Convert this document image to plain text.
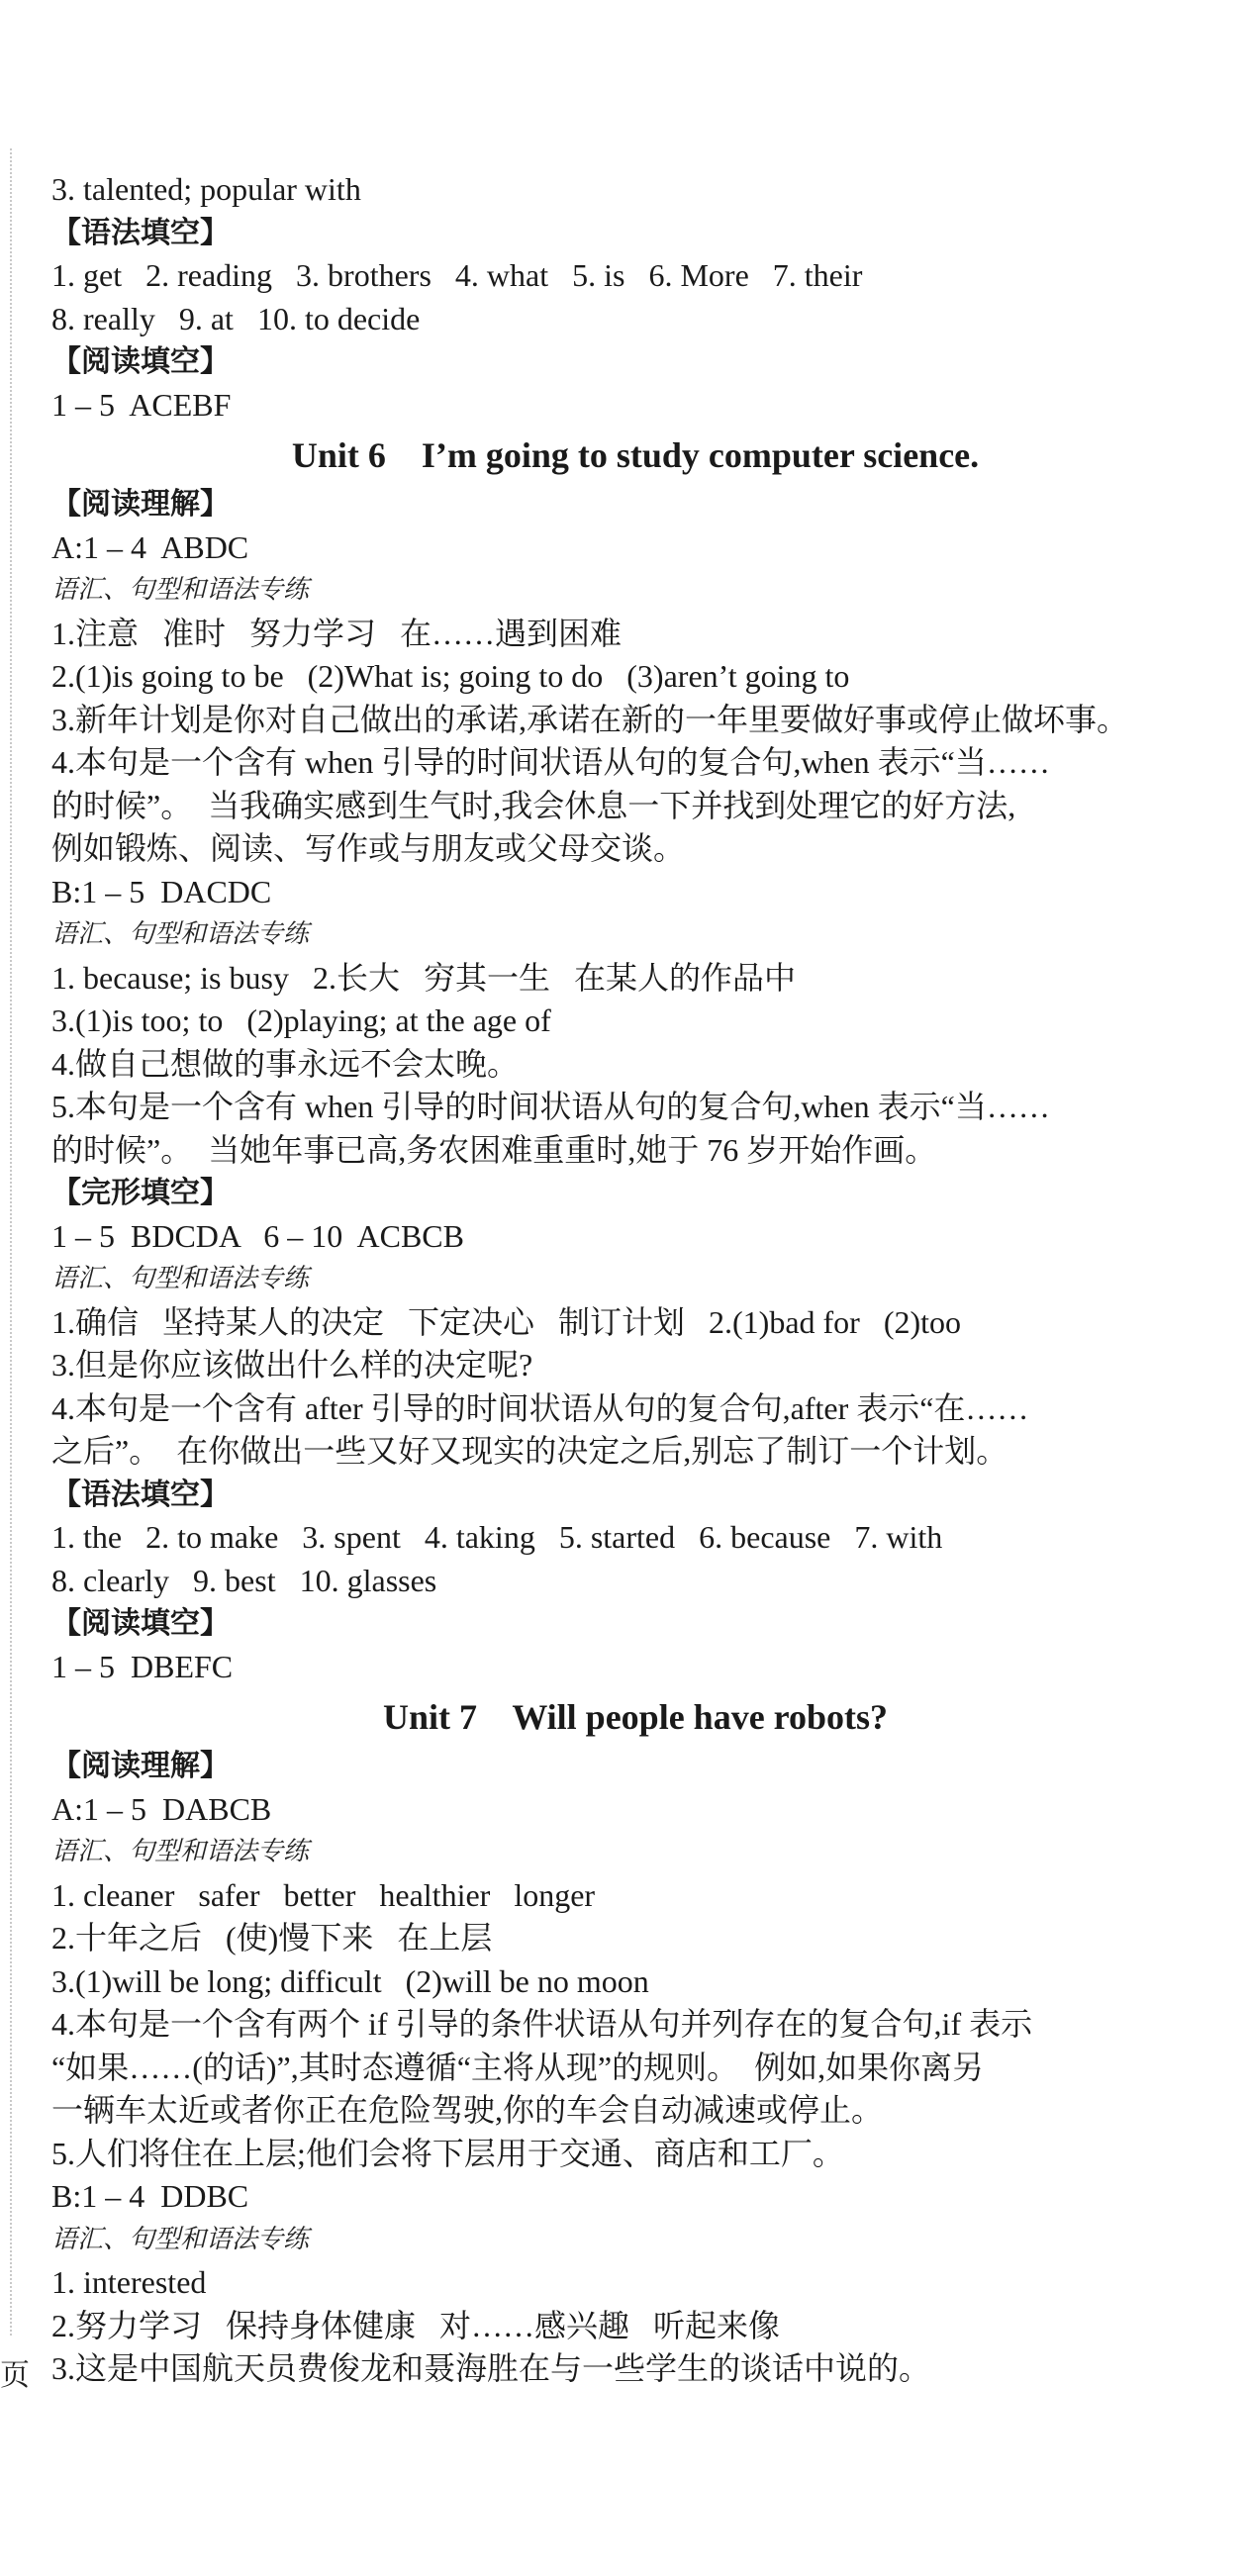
3. talented; popular with
【语法填空】
1. get   2. reading   3. brothers   4. what   5. is   6. More   7. their
8. really   9. at   10. to decide
【阅读填空】
1 – 5  ACEBF
Unit 6    I’m going to study computer science.
【阅读理解】
A:1 – 4  ABDC
语汇、句型和语法专练
1.注意   准时   努力学习   在……遇到困难
2.(1)is going to be   (2)What is; going to do   (3)aren’t going to
3.新年计划是你对自己做出的承诺,承诺在新的一年里要做好事或停止做坏事。
4.本句是一个含有 when 引导的时间状语从句的复合句,when 表示“当……
的时候”。  当我确实感到生气时,我会休息一下并找到处理它的好方法,
例如锻炼、阅读、写作或与朋友或父母交谈。
B:1 – 5  DACDC
语汇、句型和语法专练
1. because; is busy   2.长大   穷其一生   在某人的作品中
3.(1)is too; to   (2)playing; at the age of
4.做自己想做的事永远不会太晚。
5.本句是一个含有 when 引导的时间状语从句的复合句,when 表示“当……
的时候”。  当她年事已高,务农困难重重时,她于 76 岁开始作画。
【完形填空】
1 – 5  BDCDA   6 – 10  ACBCB
语汇、句型和语法专练
1.确信   坚持某人的决定   下定决心   制订计划   2.(1)bad for   (2)too
3.但是你应该做出什么样的决定呢?
4.本句是一个含有 after 引导的时间状语从句的复合句,after 表示“在……
之后”。  在你做出一些又好又现实的决定之后,别忘了制订一个计划。
【语法填空】
1. the   2. to make   3. spent   4. taking   5. started   6. because   7. with
8. clearly   9. best   10. glasses
【阅读填空】
1 – 5  DBEFC
Unit 7    Will people have robots?
【阅读理解】
A:1 – 5  DABCB
语汇、句型和语法专练
1. cleaner   safer   better   healthier   longer
2.十年之后   (使)慢下来   在上层
3.(1)will be long; difficult   (2)will be no moon
4.本句是一个含有两个 if 引导的条件状语从句并列存在的复合句,if 表示
“如果……(的话)”,其时态遵循“主将从现”的规则。  例如,如果你离另
一辆车太近或者你正在危险驾驶,你的车会自动减速或停止。
5.人们将住在上层;他们会将下层用于交通、商店和工厂。
B:1 – 4  DDBC
语汇、句型和语法专练
1. interested
2.努力学习   保持身体健康   对……感兴趣   听起来像
3.这是中国航天员费俊龙和聂海胜在与一些学生的谈话中说的。
页
